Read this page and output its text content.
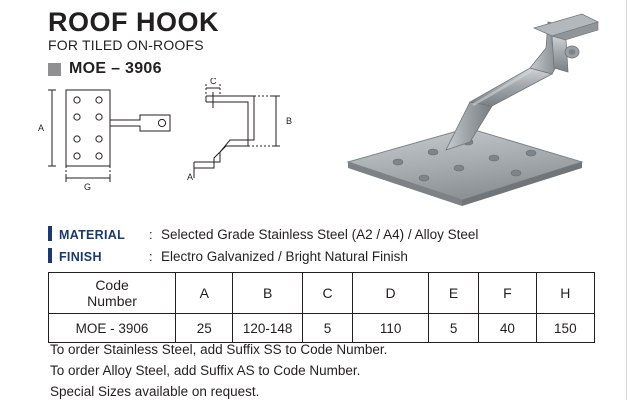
ROOF HOOK
FOR TILED ON-ROOFS
MOE – 3906
A
G
C
B
A
MATERIAL	: Selected Grade Stainless Steel (A2 / A4) / Alloy Steel
FINISH	: Electro Galvanized / Bright Natural Finish
Code
Number	A	B	C	D	E	F	H
MOE - 3906	25	120-148	5	110	5	40	150
To order Stainless Steel, add Suffix SS to Code Number.
To order Alloy Steel, add Suffix AS to Code Number.
Special Sizes available on request.
